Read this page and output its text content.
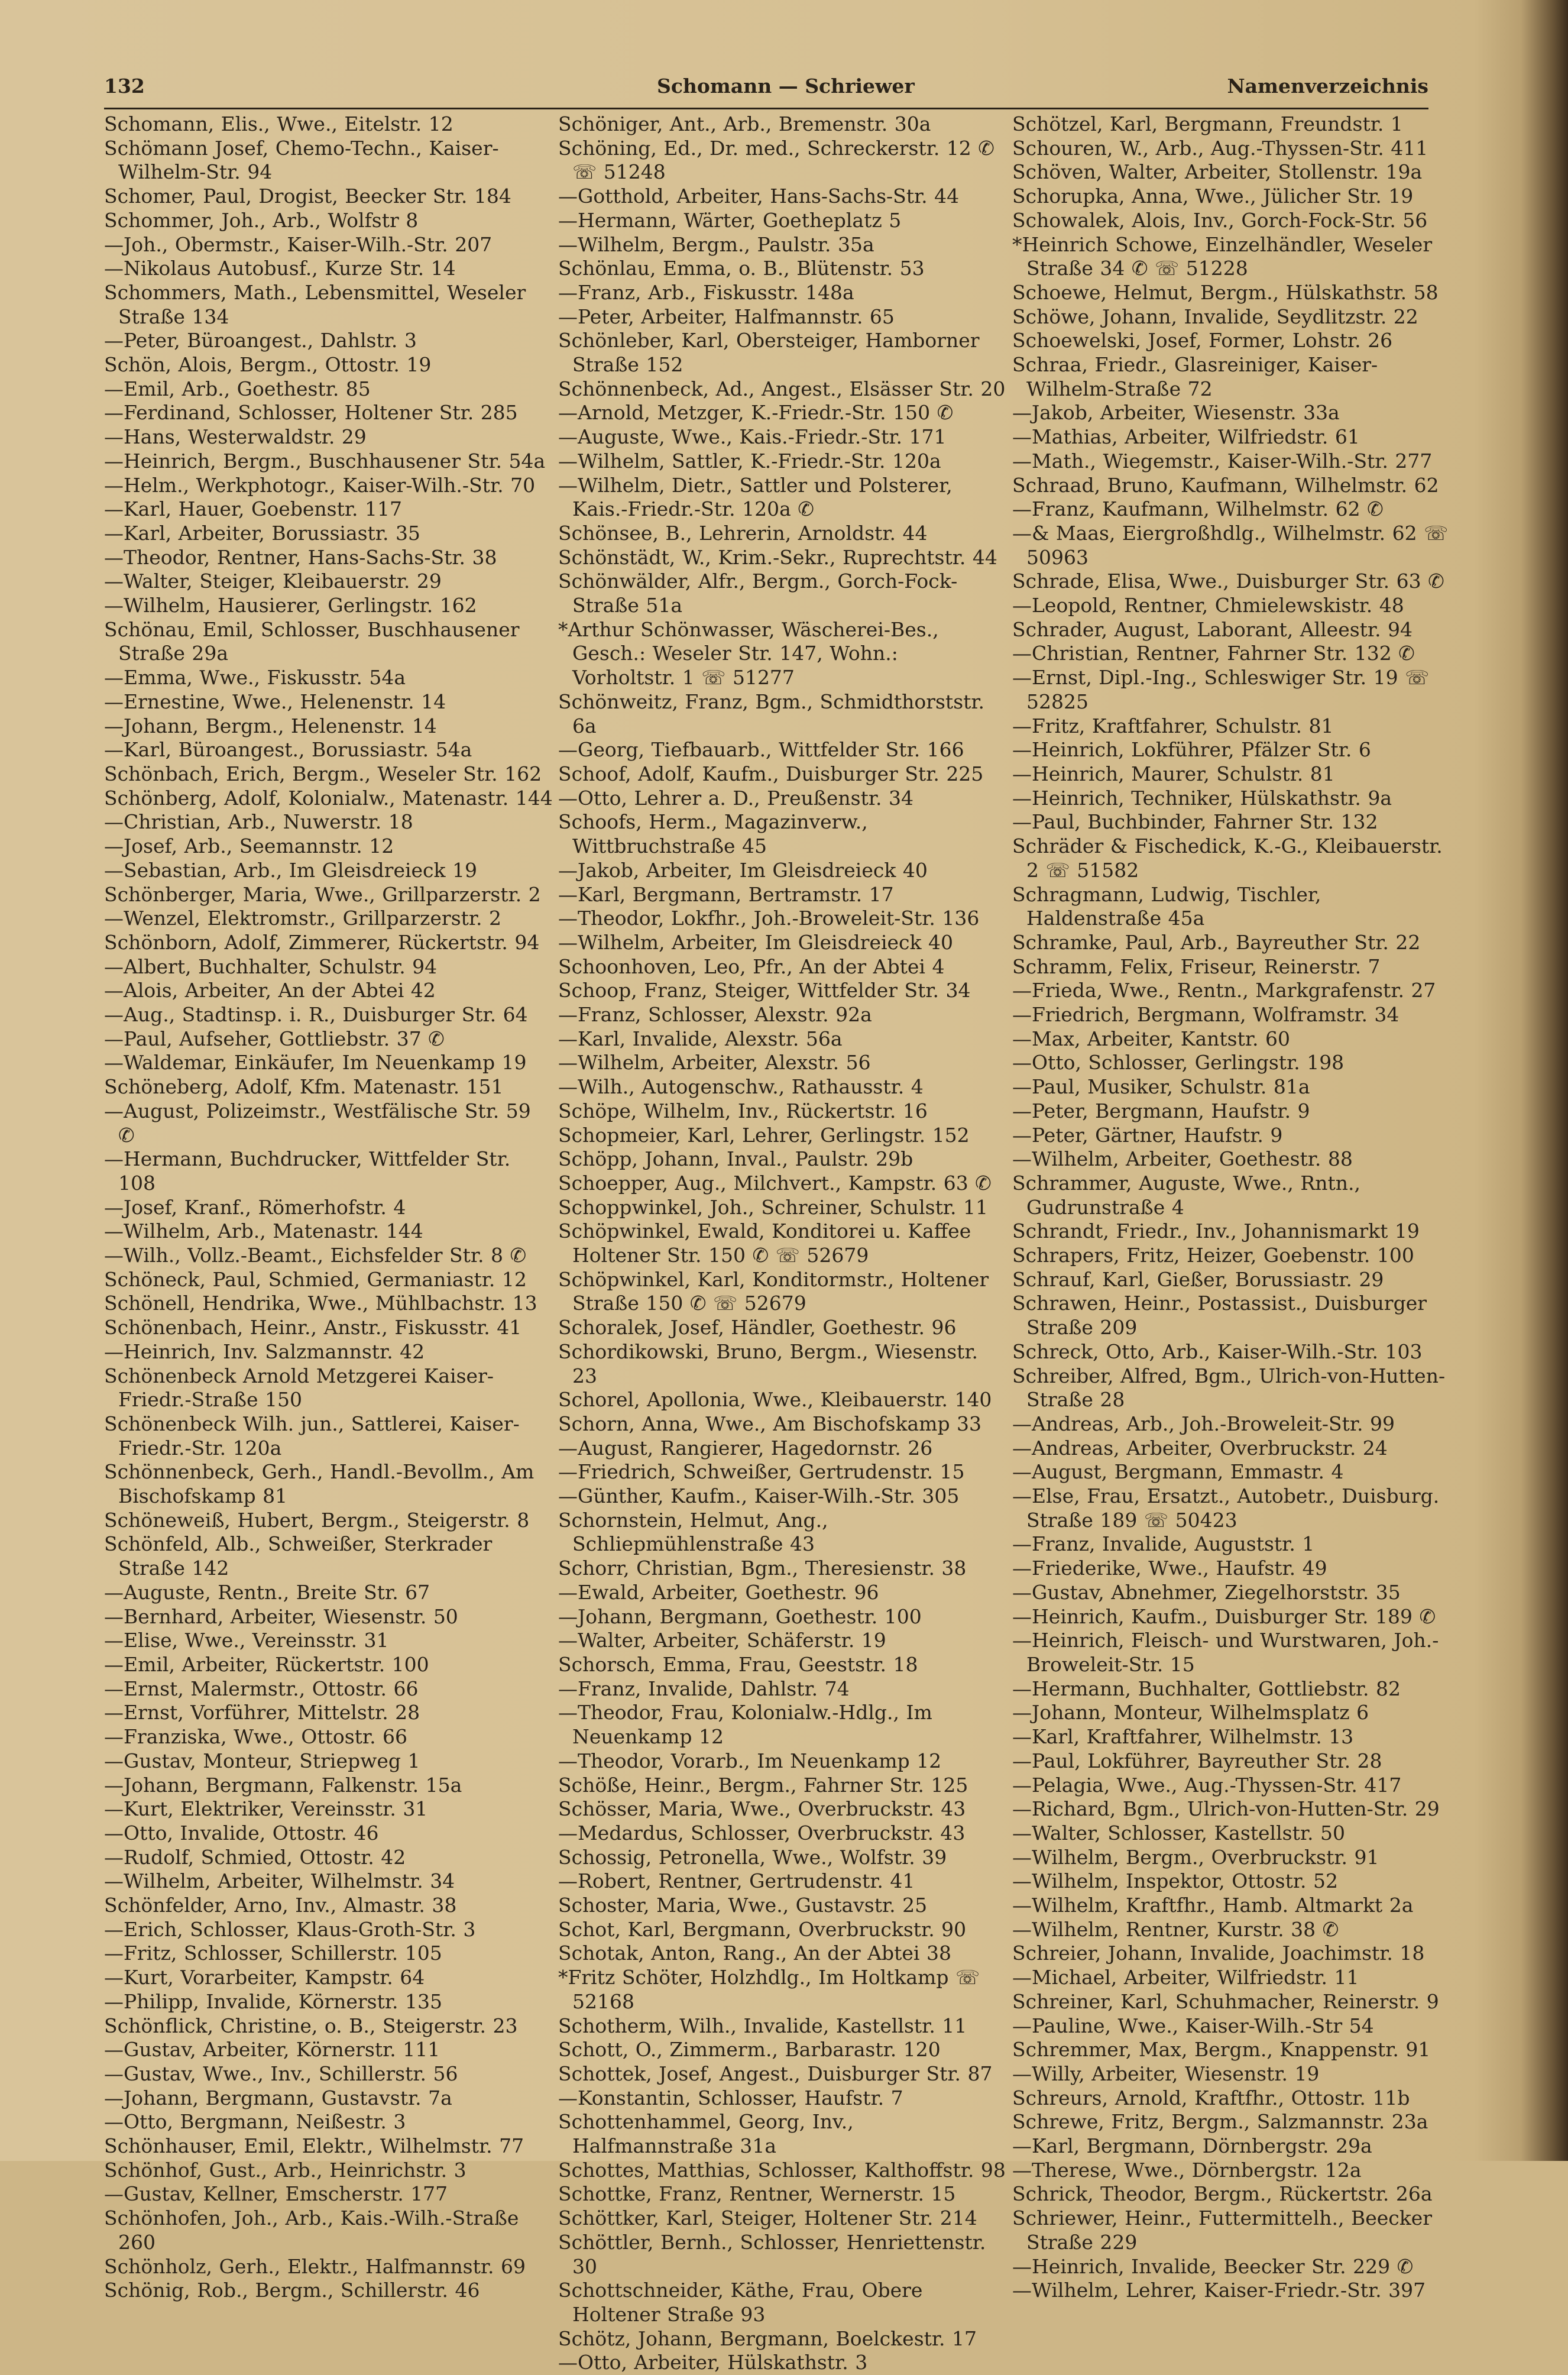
132	Schomann — Schriewer	Namenverzeichnis
Schomann, Elis., Wwe., Eitelstr. 12
Schömann Josef, Chemo-Techn., Kaiser-Wilhelm-Str. 94
Schomer, Paul, Drogist, Beecker Str. 184
Schommer, Joh., Arb., Wolfstr 8
—Joh., Obermstr., Kaiser-Wilh.-Str. 207
—Nikolaus Autobusf., Kurze Str. 14
Schommers, Math., Lebensmittel, Weseler Straße 134
—Peter, Büroangest., Dahlstr. 3
Schön, Alois, Bergm., Ottostr. 19
—Emil, Arb., Goethestr. 85
—Ferdinand, Schlosser, Holtener Str. 285
—Hans, Westerwaldstr. 29
—Heinrich, Bergm., Buschhausener Str. 54a
—Helm., Werkphotogr., Kaiser-Wilh.-Str. 70
—Karl, Hauer, Goebenstr. 117
—Karl, Arbeiter, Borussiastr. 35
—Theodor, Rentner, Hans-Sachs-Str. 38
—Walter, Steiger, Kleibauerstr. 29
—Wilhelm, Hausierer, Gerlingstr. 162
Schönau, Emil, Schlosser, Buschhausener Straße 29a
—Emma, Wwe., Fiskusstr. 54a
—Ernestine, Wwe., Helenenstr. 14
—Johann, Bergm., Helenenstr. 14
—Karl, Büroangest., Borussiastr. 54a
Schönbach, Erich, Bergm., Weseler Str. 162
Schönberg, Adolf, Kolonialw., Matenastr. 144
—Christian, Arb., Nuwerstr. 18
—Josef, Arb., Seemannstr. 12
—Sebastian, Arb., Im Gleisdreieck 19
Schönberger, Maria, Wwe., Grillparzerstr. 2
—Wenzel, Elektromstr., Grillparzerstr. 2
Schönborn, Adolf, Zimmerer, Rückertstr. 94
—Albert, Buchhalter, Schulstr. 94
—Alois, Arbeiter, An der Abtei 42
—Aug., Stadtinsp. i. R., Duisburger Str. 64
—Paul, Aufseher, Gottliebstr. 37 ✆
—Waldemar, Einkäufer, Im Neuenkamp 19
Schöneberg, Adolf, Kfm. Matenastr. 151
—August, Polizeimstr., Westfälische Str. 59 ✆
—Hermann, Buchdrucker, Wittfelder Str. 108
—Josef, Kranf., Römerhofstr. 4
—Wilhelm, Arb., Matenastr. 144
—Wilh., Vollz.-Beamt., Eichsfelder Str. 8 ✆
Schöneck, Paul, Schmied, Germaniastr. 12
Schönell, Hendrika, Wwe., Mühlbachstr. 13
Schönenbach, Heinr., Anstr., Fiskusstr. 41
—Heinrich, Inv. Salzmannstr. 42
Schönenbeck Arnold Metzgerei Kaiser-Friedr.-Straße 150
Schönenbeck Wilh. jun., Sattlerei, Kaiser-Friedr.-Str. 120a
Schönnenbeck, Gerh., Handl.-Bevollm., Am Bischofskamp 81
Schöneweiß, Hubert, Bergm., Steigerstr. 8
Schönfeld, Alb., Schweißer, Sterkrader Straße 142
—Auguste, Rentn., Breite Str. 67
—Bernhard, Arbeiter, Wiesenstr. 50
—Elise, Wwe., Vereinsstr. 31
—Emil, Arbeiter, Rückertstr. 100
—Ernst, Malermstr., Ottostr. 66
—Ernst, Vorführer, Mittelstr. 28
—Franziska, Wwe., Ottostr. 66
—Gustav, Monteur, Striepweg 1
—Johann, Bergmann, Falkenstr. 15a
—Kurt, Elektriker, Vereinsstr. 31
—Otto, Invalide, Ottostr. 46
—Rudolf, Schmied, Ottostr. 42
—Wilhelm, Arbeiter, Wilhelmstr. 34
Schönfelder, Arno, Inv., Almastr. 38
—Erich, Schlosser, Klaus-Groth-Str. 3
—Fritz, Schlosser, Schillerstr. 105
—Kurt, Vorarbeiter, Kampstr. 64
—Philipp, Invalide, Körnerstr. 135
Schönflick, Christine, o. B., Steigerstr. 23
—Gustav, Arbeiter, Körnerstr. 111
—Gustav, Wwe., Inv., Schillerstr. 56
—Johann, Bergmann, Gustavstr. 7a
—Otto, Bergmann, Neißestr. 3
Schönhauser, Emil, Elektr., Wilhelmstr. 77
Schönhof, Gust., Arb., Heinrichstr. 3
—Gustav, Kellner, Emscherstr. 177
Schönhofen, Joh., Arb., Kais.-Wilh.-Straße 260
Schönholz, Gerh., Elektr., Halfmannstr. 69
Schönig, Rob., Bergm., Schillerstr. 46
Schöniger, Ant., Arb., Bremenstr. 30a
Schöning, Ed., Dr. med., Schreckerstr. 12 ✆ ☏ 51248
—Gotthold, Arbeiter, Hans-Sachs-Str. 44
—Hermann, Wärter, Goetheplatz 5
—Wilhelm, Bergm., Paulstr. 35a
Schönlau, Emma, o. B., Blütenstr. 53
—Franz, Arb., Fiskusstr. 148a
—Peter, Arbeiter, Halfmannstr. 65
Schönleber, Karl, Obersteiger, Hamborner Straße 152
Schönnenbeck, Ad., Angest., Elsässer Str. 20
—Arnold, Metzger, K.-Friedr.-Str. 150 ✆
—Auguste, Wwe., Kais.-Friedr.-Str. 171
—Wilhelm, Sattler, K.-Friedr.-Str. 120a
—Wilhelm, Dietr., Sattler und Polsterer, Kais.-Friedr.-Str. 120a ✆
Schönsee, B., Lehrerin, Arnoldstr. 44
Schönstädt, W., Krim.-Sekr., Ruprechtstr. 44
Schönwälder, Alfr., Bergm., Gorch-Fock-Straße 51a
*Arthur Schönwasser, Wäscherei-Bes., Gesch.: Weseler Str. 147, Wohn.: Vorholtstr. 1 ☏ 51277
Schönweitz, Franz, Bgm., Schmidthorststr. 6a
—Georg, Tiefbauarb., Wittfelder Str. 166
Schoof, Adolf, Kaufm., Duisburger Str. 225
—Otto, Lehrer a. D., Preußenstr. 34
Schoofs, Herm., Magazinverw., Wittbruchstraße 45
—Jakob, Arbeiter, Im Gleisdreieck 40
—Karl, Bergmann, Bertramstr. 17
—Theodor, Lokfhr., Joh.-Broweleit-Str. 136
—Wilhelm, Arbeiter, Im Gleisdreieck 40
Schoonhoven, Leo, Pfr., An der Abtei 4
Schoop, Franz, Steiger, Wittfelder Str. 34
—Franz, Schlosser, Alexstr. 92a
—Karl, Invalide, Alexstr. 56a
—Wilhelm, Arbeiter, Alexstr. 56
—Wilh., Autogenschw., Rathausstr. 4
Schöpe, Wilhelm, Inv., Rückertstr. 16
Schopmeier, Karl, Lehrer, Gerlingstr. 152
Schöpp, Johann, Inval., Paulstr. 29b
Schoepper, Aug., Milchvert., Kampstr. 63 ✆
Schoppwinkel, Joh., Schreiner, Schulstr. 11
Schöpwinkel, Ewald, Konditorei u. Kaffee Holtener Str. 150 ✆ ☏ 52679
Schöpwinkel, Karl, Konditormstr., Holtener Straße 150 ✆ ☏ 52679
Schoralek, Josef, Händler, Goethestr. 96
Schordikowski, Bruno, Bergm., Wiesenstr. 23
Schorel, Apollonia, Wwe., Kleibauerstr. 140
Schorn, Anna, Wwe., Am Bischofskamp 33
—August, Rangierer, Hagedornstr. 26
—Friedrich, Schweißer, Gertrudenstr. 15
—Günther, Kaufm., Kaiser-Wilh.-Str. 305
Schornstein, Helmut, Ang., Schliepmühlenstraße 43
Schorr, Christian, Bgm., Theresienstr. 38
—Ewald, Arbeiter, Goethestr. 96
—Johann, Bergmann, Goethestr. 100
—Walter, Arbeiter, Schäferstr. 19
Schorsch, Emma, Frau, Geeststr. 18
—Franz, Invalide, Dahlstr. 74
—Theodor, Frau, Kolonialw.-Hdlg., Im Neuenkamp 12
—Theodor, Vorarb., Im Neuenkamp 12
Schöße, Heinr., Bergm., Fahrner Str. 125
Schösser, Maria, Wwe., Overbruckstr. 43
—Medardus, Schlosser, Overbruckstr. 43
Schossig, Petronella, Wwe., Wolfstr. 39
—Robert, Rentner, Gertrudenstr. 41
Schoster, Maria, Wwe., Gustavstr. 25
Schot, Karl, Bergmann, Overbruckstr. 90
Schotak, Anton, Rang., An der Abtei 38
*Fritz Schöter, Holzhdlg., Im Holtkamp ☏ 52168
Schotherm, Wilh., Invalide, Kastellstr. 11
Schott, O., Zimmerm., Barbarastr. 120
Schottek, Josef, Angest., Duisburger Str. 87
—Konstantin, Schlosser, Haufstr. 7
Schottenhammel, Georg, Inv., Halfmannstraße 31a
Schottes, Matthias, Schlosser, Kalthoffstr. 98
Schottke, Franz, Rentner, Wernerstr. 15
Schöttker, Karl, Steiger, Holtener Str. 214
Schöttler, Bernh., Schlosser, Henriettenstr. 30
Schottschneider, Käthe, Frau, Obere Holtener Straße 93
Schötz, Johann, Bergmann, Boelckestr. 17
—Otto, Arbeiter, Hülskathstr. 3
Schötzel, Karl, Bergmann, Freundstr. 1
Schouren, W., Arb., Aug.-Thyssen-Str. 411
Schöven, Walter, Arbeiter, Stollenstr. 19a
Schorupka, Anna, Wwe., Jülicher Str. 19
Schowalek, Alois, Inv., Gorch-Fock-Str. 56
*Heinrich Schowe, Einzelhändler, Weseler Straße 34 ✆ ☏ 51228
Schoewe, Helmut, Bergm., Hülskathstr. 58
Schöwe, Johann, Invalide, Seydlitzstr. 22
Schoewelski, Josef, Former, Lohstr. 26
Schraa, Friedr., Glasreiniger, Kaiser-Wilhelm-Straße 72
—Jakob, Arbeiter, Wiesenstr. 33a
—Mathias, Arbeiter, Wilfriedstr. 61
—Math., Wiegemstr., Kaiser-Wilh.-Str. 277
Schraad, Bruno, Kaufmann, Wilhelmstr. 62
—Franz, Kaufmann, Wilhelmstr. 62 ✆
—& Maas, Eiergroßhdlg., Wilhelmstr. 62 ☏ 50963
Schrade, Elisa, Wwe., Duisburger Str. 63 ✆
—Leopold, Rentner, Chmielewskistr. 48
Schrader, August, Laborant, Alleestr. 94
—Christian, Rentner, Fahrner Str. 132 ✆
—Ernst, Dipl.-Ing., Schleswiger Str. 19 ☏ 52825
—Fritz, Kraftfahrer, Schulstr. 81
—Heinrich, Lokführer, Pfälzer Str. 6
—Heinrich, Maurer, Schulstr. 81
—Heinrich, Techniker, Hülskathstr. 9a
—Paul, Buchbinder, Fahrner Str. 132
Schräder & Fischedick, K.-G., Kleibauerstr. 2 ☏ 51582
Schragmann, Ludwig, Tischler, Haldenstraße 45a
Schramke, Paul, Arb., Bayreuther Str. 22
Schramm, Felix, Friseur, Reinerstr. 7
—Frieda, Wwe., Rentn., Markgrafenstr. 27
—Friedrich, Bergmann, Wolframstr. 34
—Max, Arbeiter, Kantstr. 60
—Otto, Schlosser, Gerlingstr. 198
—Paul, Musiker, Schulstr. 81a
—Peter, Bergmann, Haufstr. 9
—Peter, Gärtner, Haufstr. 9
—Wilhelm, Arbeiter, Goethestr. 88
Schrammer, Auguste, Wwe., Rntn., Gudrunstraße 4
Schrandt, Friedr., Inv., Johannismarkt 19
Schrapers, Fritz, Heizer, Goebenstr. 100
Schrauf, Karl, Gießer, Borussiastr. 29
Schrawen, Heinr., Postassist., Duisburger Straße 209
Schreck, Otto, Arb., Kaiser-Wilh.-Str. 103
Schreiber, Alfred, Bgm., Ulrich-von-Hutten-Straße 28
—Andreas, Arb., Joh.-Broweleit-Str. 99
—Andreas, Arbeiter, Overbruckstr. 24
—August, Bergmann, Emmastr. 4
—Else, Frau, Ersatzt., Autobetr., Duisburg. Straße 189 ☏ 50423
—Franz, Invalide, Auguststr. 1
—Friederike, Wwe., Haufstr. 49
—Gustav, Abnehmer, Ziegelhorststr. 35
—Heinrich, Kaufm., Duisburger Str. 189 ✆
—Heinrich, Fleisch- und Wurstwaren, Joh.-Broweleit-Str. 15
—Hermann, Buchhalter, Gottliebstr. 82
—Johann, Monteur, Wilhelmsplatz 6
—Karl, Kraftfahrer, Wilhelmstr. 13
—Paul, Lokführer, Bayreuther Str. 28
—Pelagia, Wwe., Aug.-Thyssen-Str. 417
—Richard, Bgm., Ulrich-von-Hutten-Str. 29
—Walter, Schlosser, Kastellstr. 50
—Wilhelm, Bergm., Overbruckstr. 91
—Wilhelm, Inspektor, Ottostr. 52
—Wilhelm, Kraftfhr., Hamb. Altmarkt 2a
—Wilhelm, Rentner, Kurstr. 38 ✆
Schreier, Johann, Invalide, Joachimstr. 18
—Michael, Arbeiter, Wilfriedstr. 11
Schreiner, Karl, Schuhmacher, Reinerstr. 9
—Pauline, Wwe., Kaiser-Wilh.-Str 54
Schremmer, Max, Bergm., Knappenstr. 91
—Willy, Arbeiter, Wiesenstr. 19
Schreurs, Arnold, Kraftfhr., Ottostr. 11b
Schrewe, Fritz, Bergm., Salzmannstr. 23a
—Karl, Bergmann, Dörnbergstr. 29a
—Therese, Wwe., Dörnbergstr. 12a
Schrick, Theodor, Bergm., Rückertstr. 26a
Schriewer, Heinr., Futtermittelh., Beecker Straße 229
—Heinrich, Invalide, Beecker Str. 229 ✆
—Wilhelm, Lehrer, Kaiser-Friedr.-Str. 397
